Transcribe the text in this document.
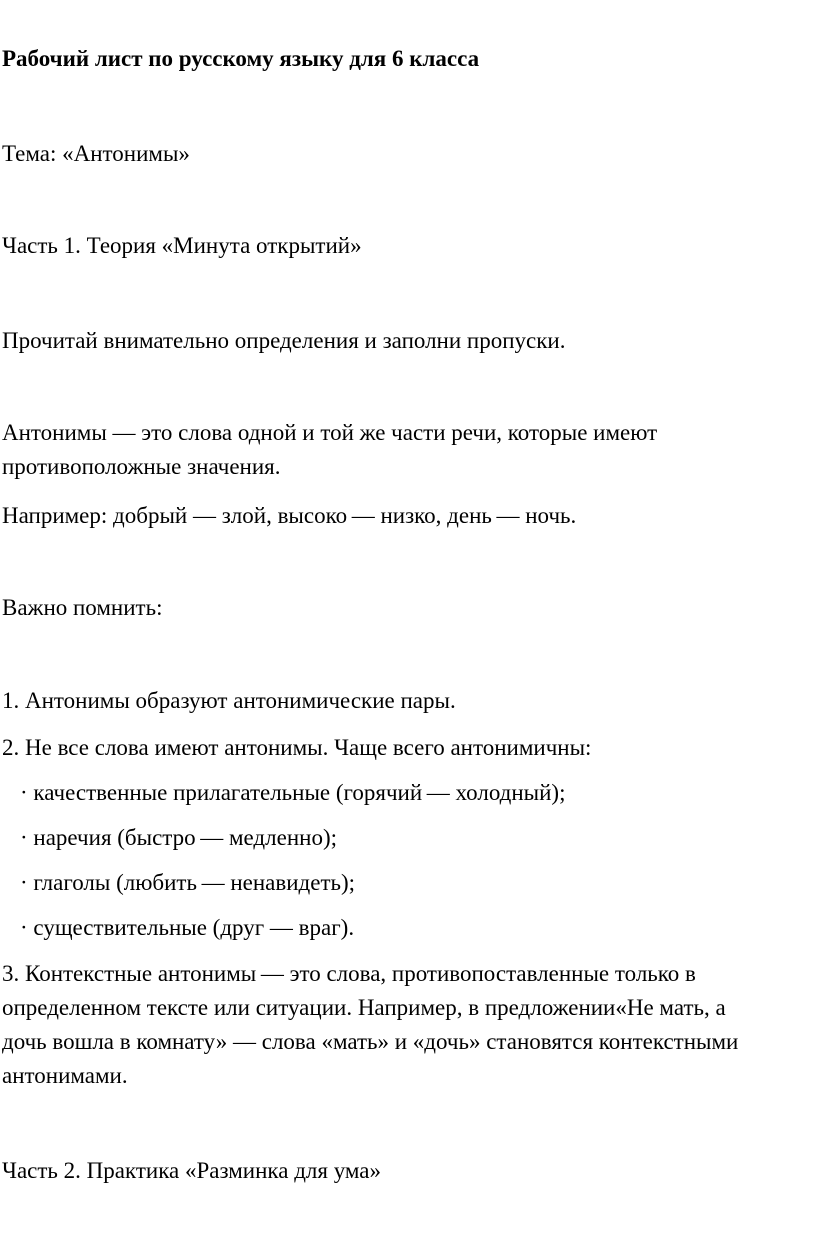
Рабочий лист по русскому языку для 6 класса

Тема: «Антонимы»

Часть 1. Теория «Минута открытий»

Прочитай внимательно определения и заполни пропуски.

Антонимы — это слова одной и той же части речи, которые имеют
противоположные значения.

Например: добрый — злой, высоко — низко, день — ночь.

Важно помнить:

1. Антонимы образуют антонимические пары.

2. Не все слова имеют антонимы. Чаще всего антонимичны:

· качественные прилагательные (горячий — холодный);

· наречия (быстро — медленно);

· глаголы (любить — ненавидеть);

· существительные (друг — враг).

3. Контекстные антонимы — это слова, противопоставленные только в
определенном тексте или ситуации. Например, в предложении«Не мать, а
дочь вошла в комнату» — слова «мать» и «дочь» становятся контекстными
антонимами.

Часть 2. Практика «Разминка для ума»
